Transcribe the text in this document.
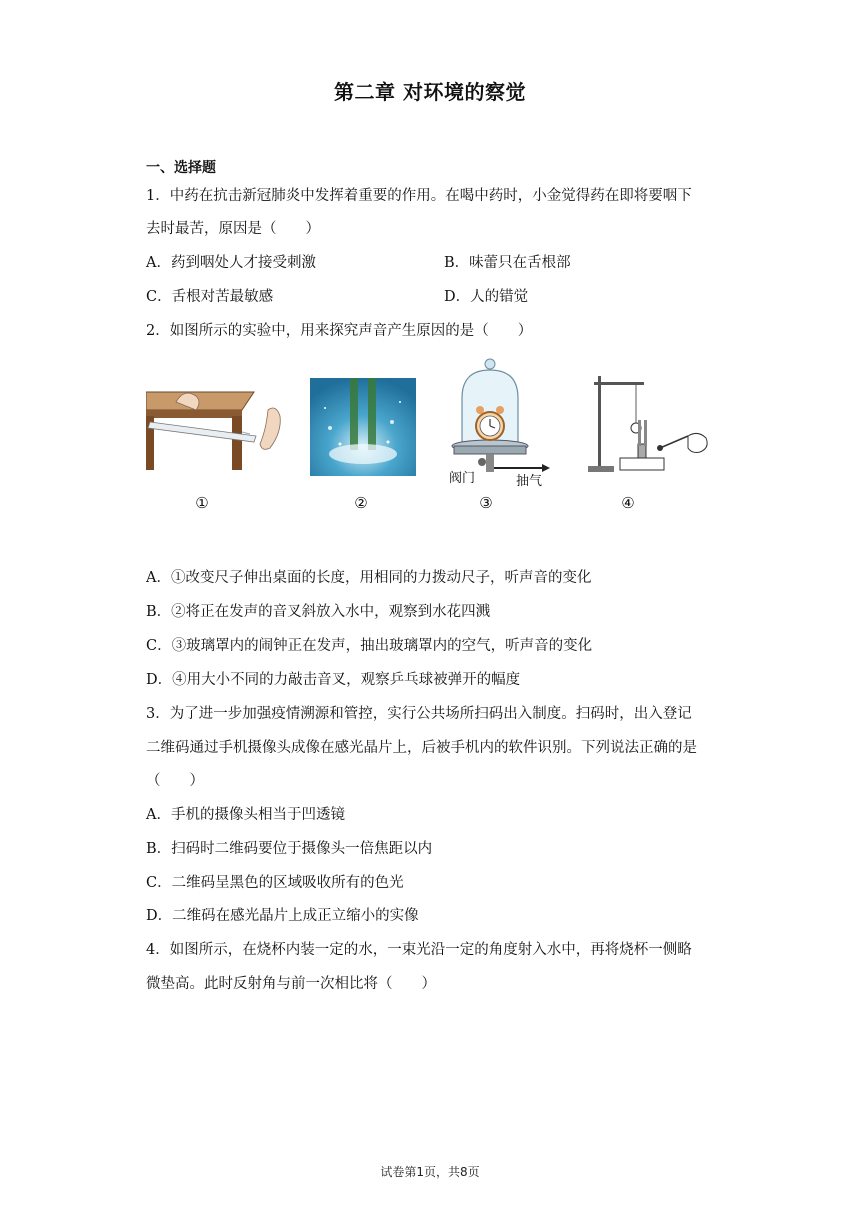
第二章 对环境的察觉
一、选择题
1．中药在抗击新冠肺炎中发挥着重要的作用。在喝中药时，小金觉得药在即将要咽下
去时最苦，原因是（　　）
A．药到咽处人才接受刺激	B．味蕾只在舌根部
C．舌根对苦最敏感	D．人的错觉
2．如图所示的实验中，用来探究声音产生原因的是（　　）
阀门	抽气
①	②	③	④
A．①改变尺子伸出桌面的长度，用相同的力拨动尺子，听声音的变化
B．②将正在发声的音叉斜放入水中，观察到水花四溅
C．③玻璃罩内的闹钟正在发声，抽出玻璃罩内的空气，听声音的变化
D．④用大小不同的力敲击音叉，观察乒乓球被弹开的幅度
3．为了进一步加强疫情溯源和管控，实行公共场所扫码出入制度。扫码时，出入登记
二维码通过手机摄像头成像在感光晶片上，后被手机内的软件识别。下列说法正确的是
（　　）
A．手机的摄像头相当于凹透镜
B．扫码时二维码要位于摄像头一倍焦距以内
C．二维码呈黑色的区域吸收所有的色光
D．二维码在感光晶片上成正立缩小的实像
4．如图所示，在烧杯内装一定的水，一束光沿一定的角度射入水中，再将烧杯一侧略
微垫高。此时反射角与前一次相比将（　　）
试卷第1页，共8页
